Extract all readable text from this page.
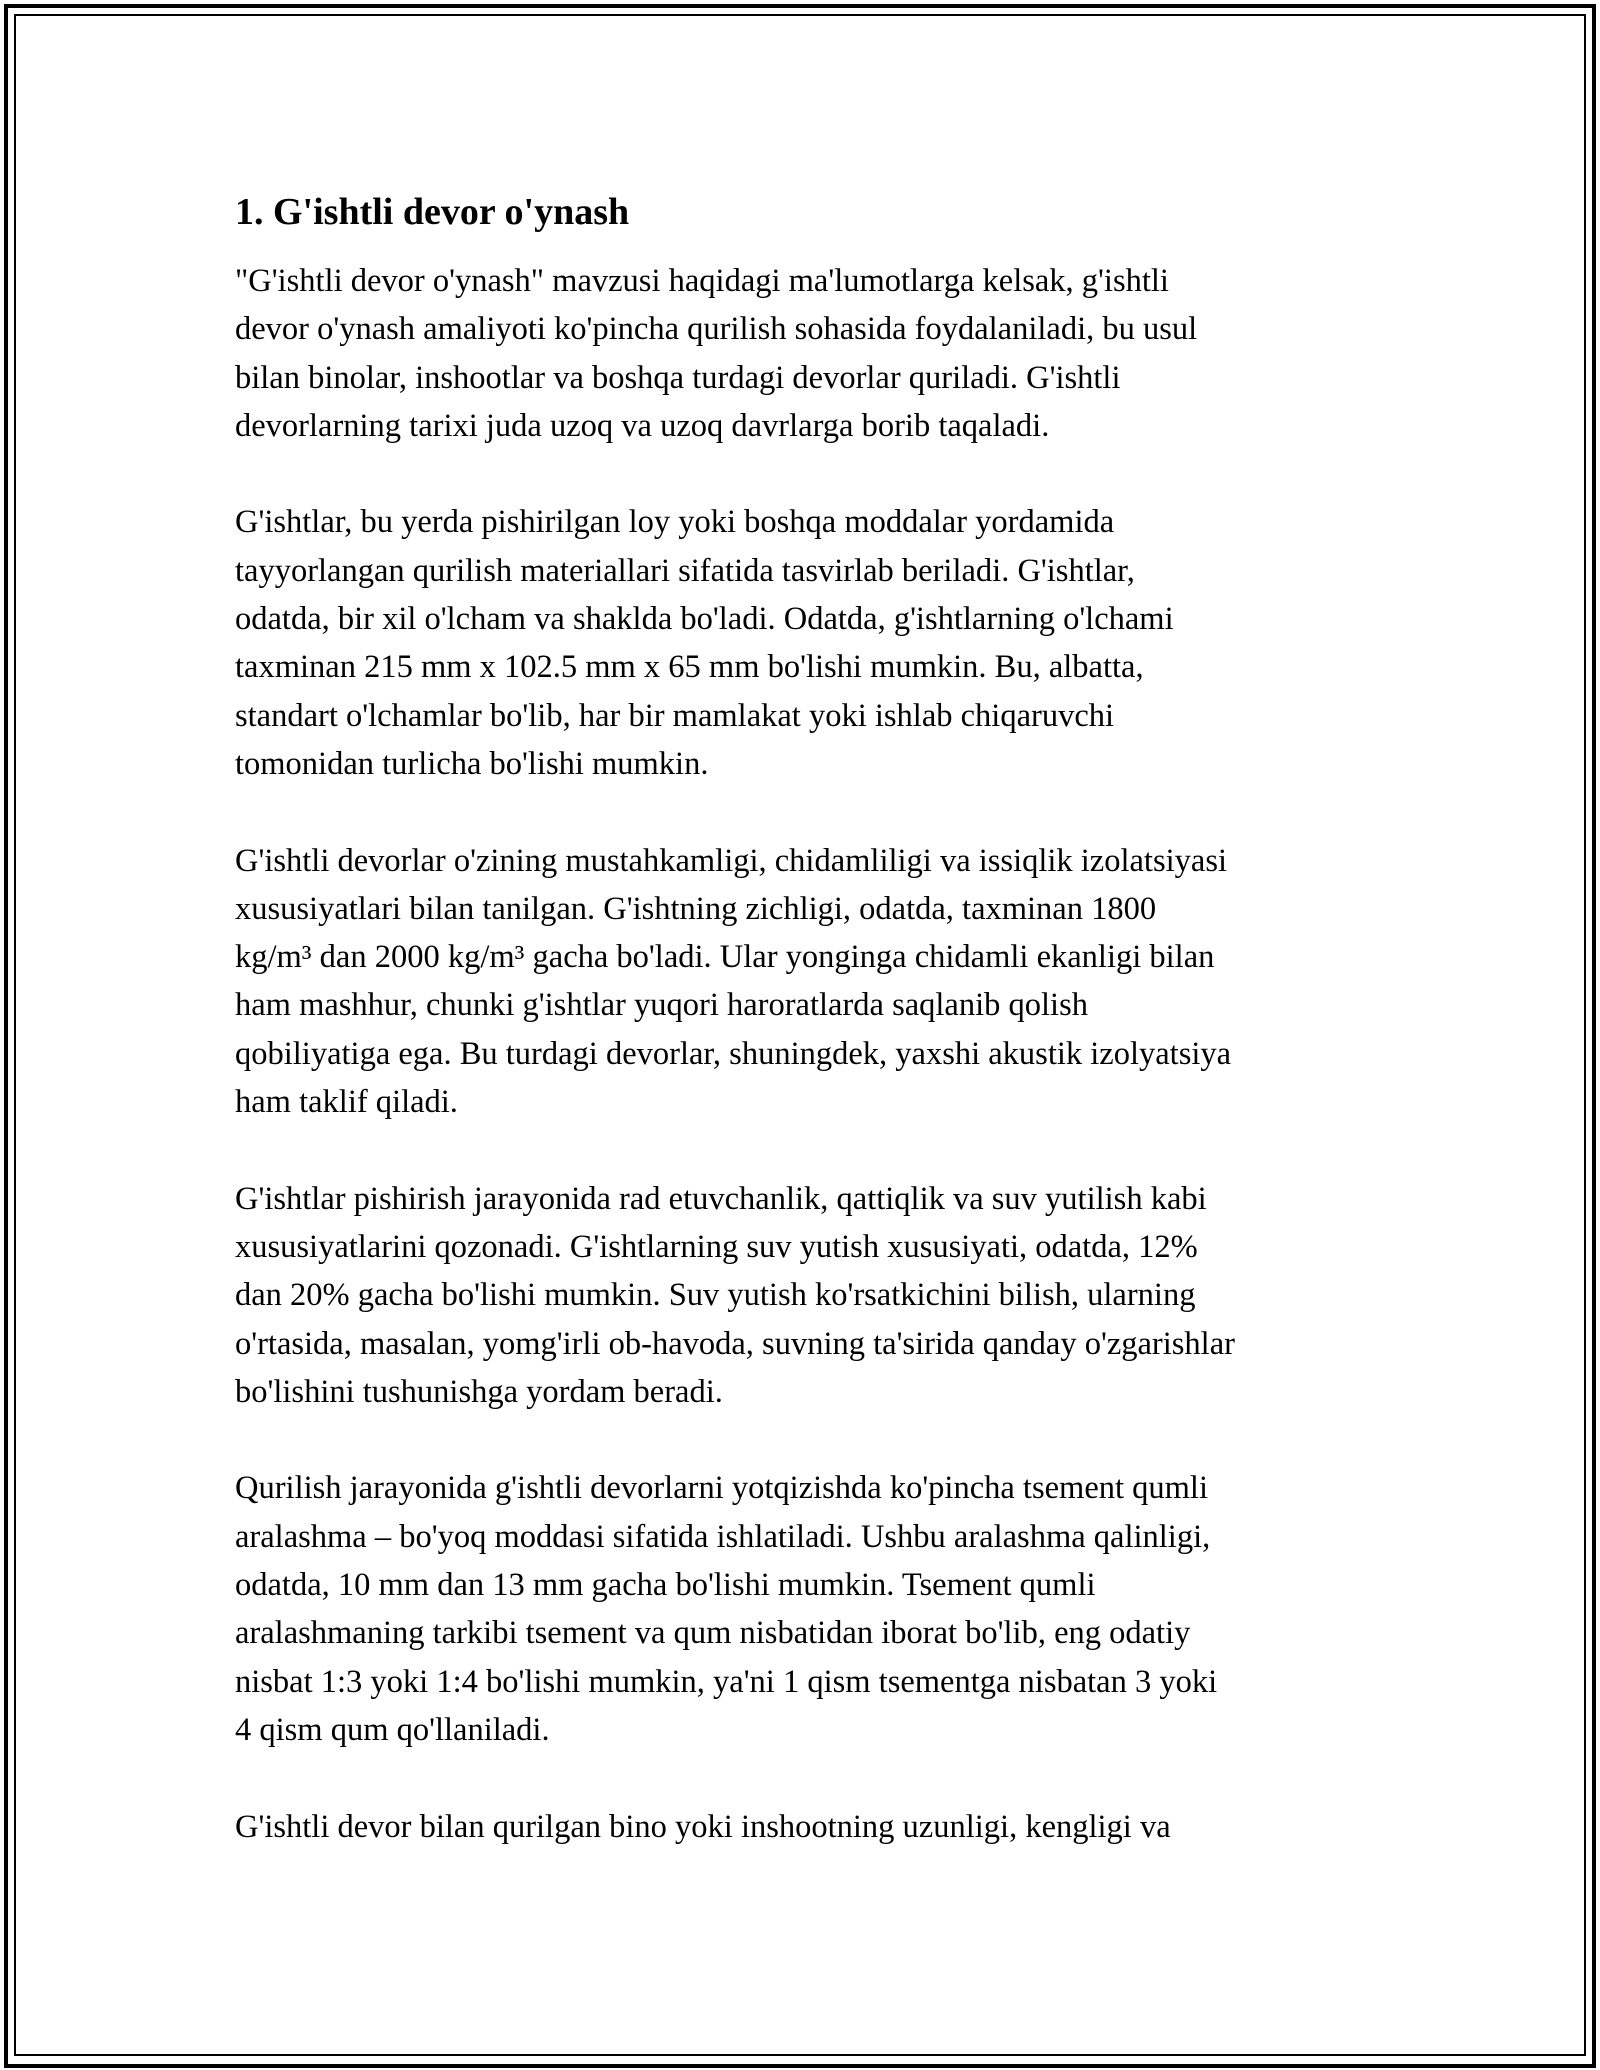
1. G'ishtli devor o'ynash

"G'ishtli devor o'ynash" mavzusi haqidagi ma'lumotlarga kelsak, g'ishtli
devor o'ynash amaliyoti ko'pincha qurilish sohasida foydalaniladi, bu usul
bilan binolar, inshootlar va boshqa turdagi devorlar quriladi. G'ishtli
devorlarning tarixi juda uzoq va uzoq davrlarga borib taqaladi.

G'ishtlar, bu yerda pishirilgan loy yoki boshqa moddalar yordamida
tayyorlangan qurilish materiallari sifatida tasvirlab beriladi. G'ishtlar,
odatda, bir xil o'lcham va shaklda bo'ladi. Odatda, g'ishtlarning o'lchami
taxminan 215 mm x 102.5 mm x 65 mm bo'lishi mumkin. Bu, albatta,
standart o'lchamlar bo'lib, har bir mamlakat yoki ishlab chiqaruvchi
tomonidan turlicha bo'lishi mumkin.

G'ishtli devorlar o'zining mustahkamligi, chidamliligi va issiqlik izolatsiyasi
xususiyatlari bilan tanilgan. G'ishtning zichligi, odatda, taxminan 1800
kg/m³ dan 2000 kg/m³ gacha bo'ladi. Ular yonginga chidamli ekanligi bilan
ham mashhur, chunki g'ishtlar yuqori haroratlarda saqlanib qolish
qobiliyatiga ega. Bu turdagi devorlar, shuningdek, yaxshi akustik izolyatsiya
ham taklif qiladi.

G'ishtlar pishirish jarayonida rad etuvchanlik, qattiqlik va suv yutilish kabi
xususiyatlarini qozonadi. G'ishtlarning suv yutish xususiyati, odatda, 12%
dan 20% gacha bo'lishi mumkin. Suv yutish ko'rsatkichini bilish, ularning
o'rtasida, masalan, yomg'irli ob-havoda, suvning ta'sirida qanday o'zgarishlar
bo'lishini tushunishga yordam beradi.

Qurilish jarayonida g'ishtli devorlarni yotqizishda ko'pincha tsement qumli
aralashma – bo'yoq moddasi sifatida ishlatiladi. Ushbu aralashma qalinligi,
odatda, 10 mm dan 13 mm gacha bo'lishi mumkin. Tsement qumli
aralashmaning tarkibi tsement va qum nisbatidan iborat bo'lib, eng odatiy
nisbat 1:3 yoki 1:4 bo'lishi mumkin, ya'ni 1 qism tsementga nisbatan 3 yoki
4 qism qum qo'llaniladi.

G'ishtli devor bilan qurilgan bino yoki inshootning uzunligi, kengligi va
